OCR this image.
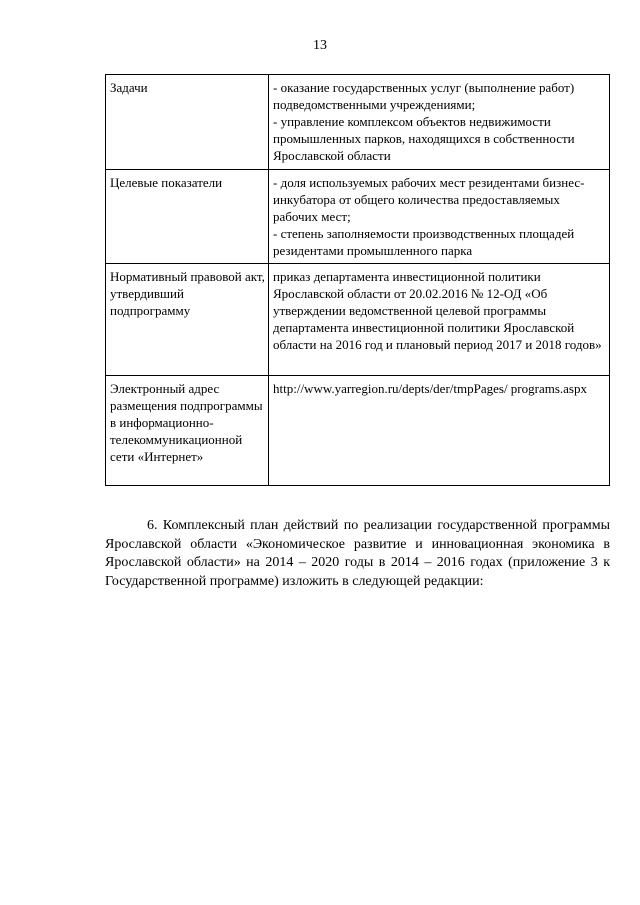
13
Задачи	- оказание государственных услуг (выполнение работ) подведомственными учреждениями;
- управление комплексом объектов недвижимости промышленных парков, находящихся в собственности Ярославской области

Целевые показатели	- доля используемых рабочих мест резидентами бизнес-инкубатора от общего количества предоставляемых рабочих мест;
- степень заполняемости производственных площадей резидентами промышленного парка

Нормативный правовой акт, утвердивший подпрограмму	приказ департамента инвестиционной политики Ярославской области от 20.02.2016 № 12-ОД «Об утверждении ведомственной целевой программы департамента инвестиционной политики Ярославской области на 2016 год и плановый период 2017 и 2018 годов»

Электронный адрес размещения подпрограммы в информационно-телекоммуникационной сети «Интернет»	http://www.yarregion.ru/depts/der/tmpPages/ programs.aspx
6. Комплексный план действий по реализации государственной программы Ярославской области «Экономическое развитие и инновационная экономика в Ярославской области» на 2014 – 2020 годы в 2014 – 2016 годах (приложение 3 к Государственной программе) изложить в следующей редакции:
